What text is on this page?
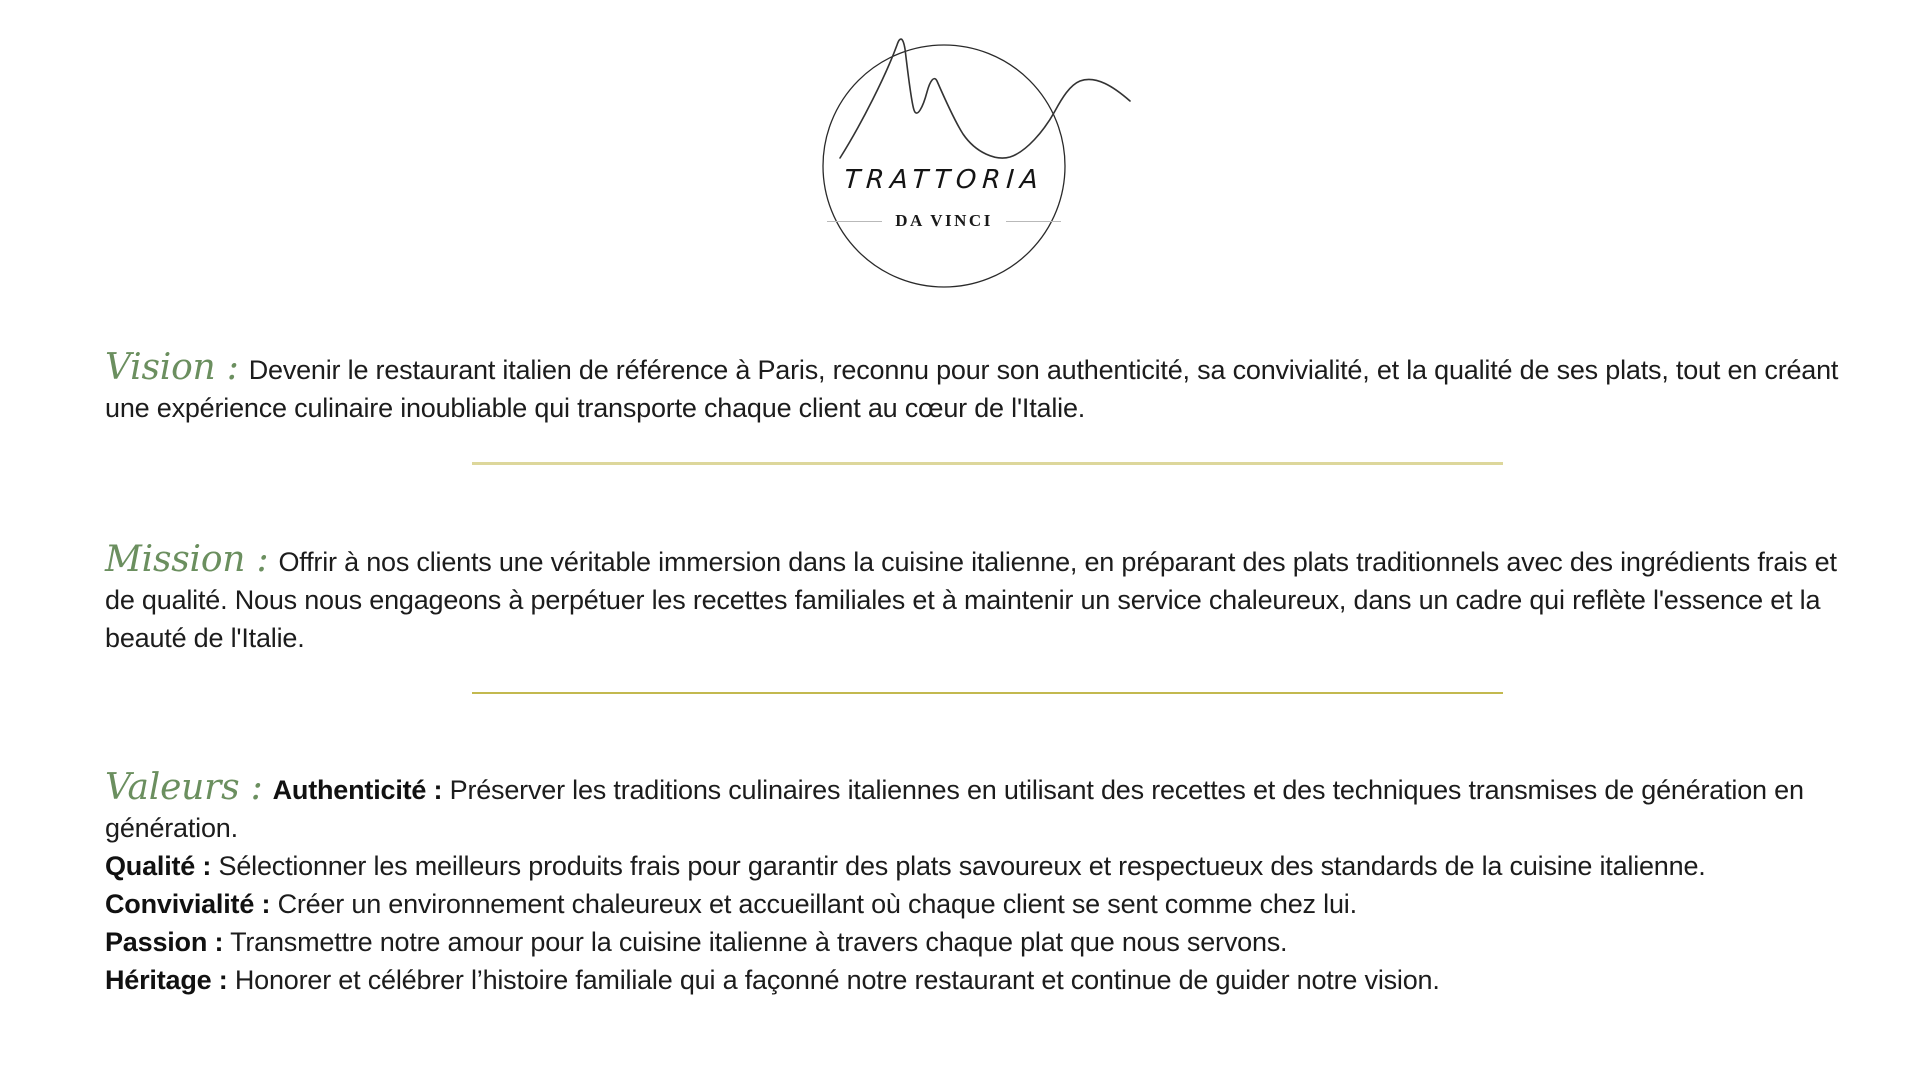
TRATTORIA
DA VINCI
Vision : Devenir le restaurant italien de référence à Paris, reconnu pour son authenticité, sa convivialité, et la qualité de ses plats, tout en créant une expérience culinaire inoubliable qui transporte chaque client au cœur de l'Italie.
Mission : Offrir à nos clients une véritable immersion dans la cuisine italienne, en préparant des plats traditionnels avec des ingrédients frais et de qualité. Nous nous engageons à perpétuer les recettes familiales et à maintenir un service chaleureux, dans un cadre qui reflète l'essence et la beauté de l'Italie.
Valeurs : Authenticité : Préserver les traditions culinaires italiennes en utilisant des recettes et des techniques transmises de génération en génération.
Qualité : Sélectionner les meilleurs produits frais pour garantir des plats savoureux et respectueux des standards de la cuisine italienne.
Convivialité : Créer un environnement chaleureux et accueillant où chaque client se sent comme chez lui.
Passion : Transmettre notre amour pour la cuisine italienne à travers chaque plat que nous servons.
Héritage : Honorer et célébrer l’histoire familiale qui a façonné notre restaurant et continue de guider notre vision.
